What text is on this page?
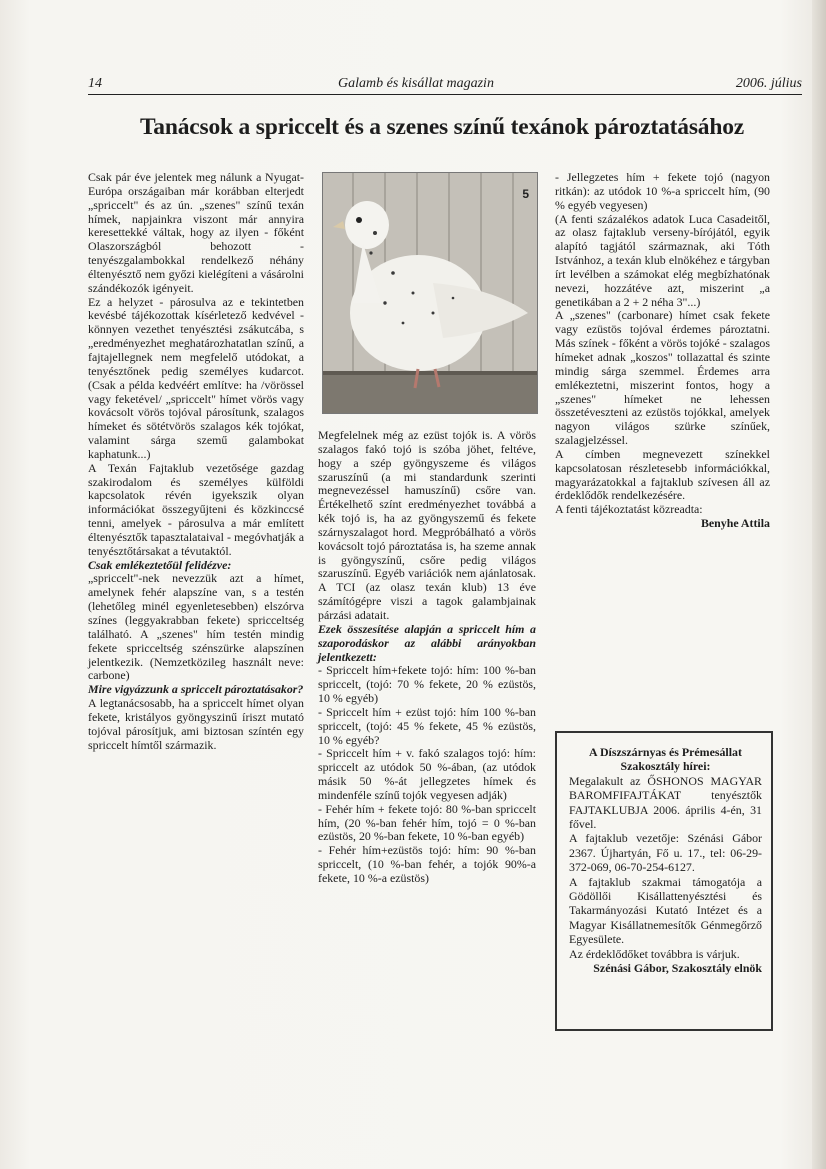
14	Galamb és kisállat magazin	2006. július
Tanácsok a spriccelt és a szenes színű texánok pároztatásához

Csak pár éve jelentek meg nálunk a Nyugat-Európa országaiban már korábban elterjedt „spriccelt" és az ún. „szenes" színű texán hímek, napjainkra viszont már annyira keresettekké váltak, hogy az ilyen - főként Olaszországból behozott - tenyészgalambokkal rendelkező néhány éltenyésztő nem győzi kielégíteni a vásárolni szándékozók igényeit.

Ez a helyzet - párosulva az e tekintetben kevésbé tájékozottak kísérletező kedvével - könnyen vezethet tenyésztési zsákutcába, s „eredményezhet meghatározhatatlan színű, a fajtajellegnek nem megfelelő utódokat, a tenyésztőnek pedig személyes kudarcot. (Csak a példa kedvéért említve: ha /vörössel vagy feketével/ „spriccelt" hímet vörös vagy kovácsolt vörös tojóval párosítunk, szalagos hímeket és sötétvörös szalagos kék tojókat, valamint sárga szemű galambokat kaphatunk...)

A Texán Fajtaklub vezetősége gazdag szakirodalom és személyes külföldi kapcsolatok révén igyekszik olyan információkat összegyűjteni és közkinccsé tenni, amelyek - párosulva a már említett éltenyésztők tapasztalataival - megóvhatják a tenyésztőtársakat a tévutaktól.

Csak emlékeztetőül felidézve:
„spriccelt"-nek nevezzük azt a hímet, amelynek fehér alapszíne van, s a testén (lehetőleg minél egyenletesebben) elszórva színes (leggyakrabban fekete) spricceltség található. A „szenes" hím testén mindig fekete spricceltség szénszürke alapszínen jelentkezik. (Nemzetközileg használt neve: carbone)

Mire vigyázzunk a spriccelt pároztatásakor?

A legtanácsosabb, ha a spriccelt hímet olyan fekete, kristályos gyöngyszinű íriszt mutató tojóval párosítjuk, ami biztosan színtén egy spriccelt hímtől származik.

5

Megfelelnek még az ezüst tojók is. A vörös szalagos fakó tojó is szóba jöhet, feltéve, hogy a szép gyöngyszeme és világos szaruszínű (a mi standardunk szerinti megnevezéssel hamuszínű) csőre van. Értékelhető színt eredményezhet továbbá a kék tojó is, ha az gyöngyszemű és fekete szárnyszalagot hord. Megpróbálható a vörös kovácsolt tojó pároztatása is, ha szeme annak is gyöngyszínű, csőre pedig világos szaruszínű. Egyéb variációk nem ajánlatosak. A TCI (az olasz texán klub) 13 éve számítógépre viszi a tagok galambjainak párzási adatait.

Ezek összesítése alapján a spriccelt hím a szaporodáskor az alábbi arányokban jelentkezett:

- Spriccelt hím+fekete tojó: hím: 100 %-ban spriccelt, (tojó: 70 % fekete, 20 % ezüstös, 10 % egyéb)

- Spriccelt hím + ezüst tojó: hím 100 %-ban spriccelt, (tojó: 45 % fekete, 45 % ezüstös, 10 % egyéb?

- Spriccelt hím + v. fakó szalagos tojó: hím: spriccelt az utódok 50 %-ában, (az utódok másik 50 %-át jellegzetes hímek és mindenféle színű tojók vegyesen adják)

- Fehér hím + fekete tojó: 80 %-ban spriccelt hím, (20 %-ban fehér hím, tojó = 0 %-ban ezüstös, 20 %-ban fekete, 10 %-ban egyéb)

- Fehér hím+ezüstös tojó: hím: 90 %-ban spriccelt, (10 %-ban fehér, a tojók 90%-a fekete, 10 %-a ezüstös)

- Jellegzetes hím + fekete tojó (nagyon ritkán): az utódok 10 %-a spriccelt hím, (90 % egyéb vegyesen)

(A fenti százalékos adatok Luca Casadeitől, az olasz fajtaklub verseny-bírójától, egyik alapító tagjától származnak, aki Tóth Istvánhoz, a texán klub elnökéhez e tárgyban írt levélben a számokat elég megbízhatónak nevezi, hozzátéve azt, miszerint „a genetikában a 2 + 2 néha 3"...)

A „szenes" (carbonare) hímet csak fekete vagy ezüstös tojóval érdemes pároztatni. Más színek - főként a vörös tojóké - szalagos hímeket adnak „koszos" tollazattal és szinte mindig sárga szemmel. Érdemes arra emlékeztetni, miszerint fontos, hogy a „szenes" hímeket ne lehessen összetéveszteni az ezüstös tojókkal, amelyek nagyon világos szürke színűek, szalagjelzéssel.

A címben megnevezett színekkel kapcsolatosan részletesebb információkkal, magyarázatokkal a fajtaklub szívesen áll az érdeklődők rendelkezésére.

A fenti tájékoztatást közreadta:

Benyhe Attila

A Díszszárnyas és Prémesállat Szakosztály hírei:

Megalakult az ŐSHONOS MAGYAR BAROMFIFAJTÁKAT tenyésztők FAJTAKLUBJA 2006. április 4-én, 31 fővel.

A fajtaklub vezetője: Szénási Gábor 2367. Újhartyán, Fő u. 17., tel: 06-29-372-069, 06-70-254-6127.

A fajtaklub szakmai támogatója a Gödöllői Kisállattenyésztési és Takarmányozási Kutató Intézet és a Magyar Kisállatnemesítők Génmegőrző Egyesülete.

Az érdeklődőket továbbra is várjuk.

Szénási Gábor, Szakosztály elnök
